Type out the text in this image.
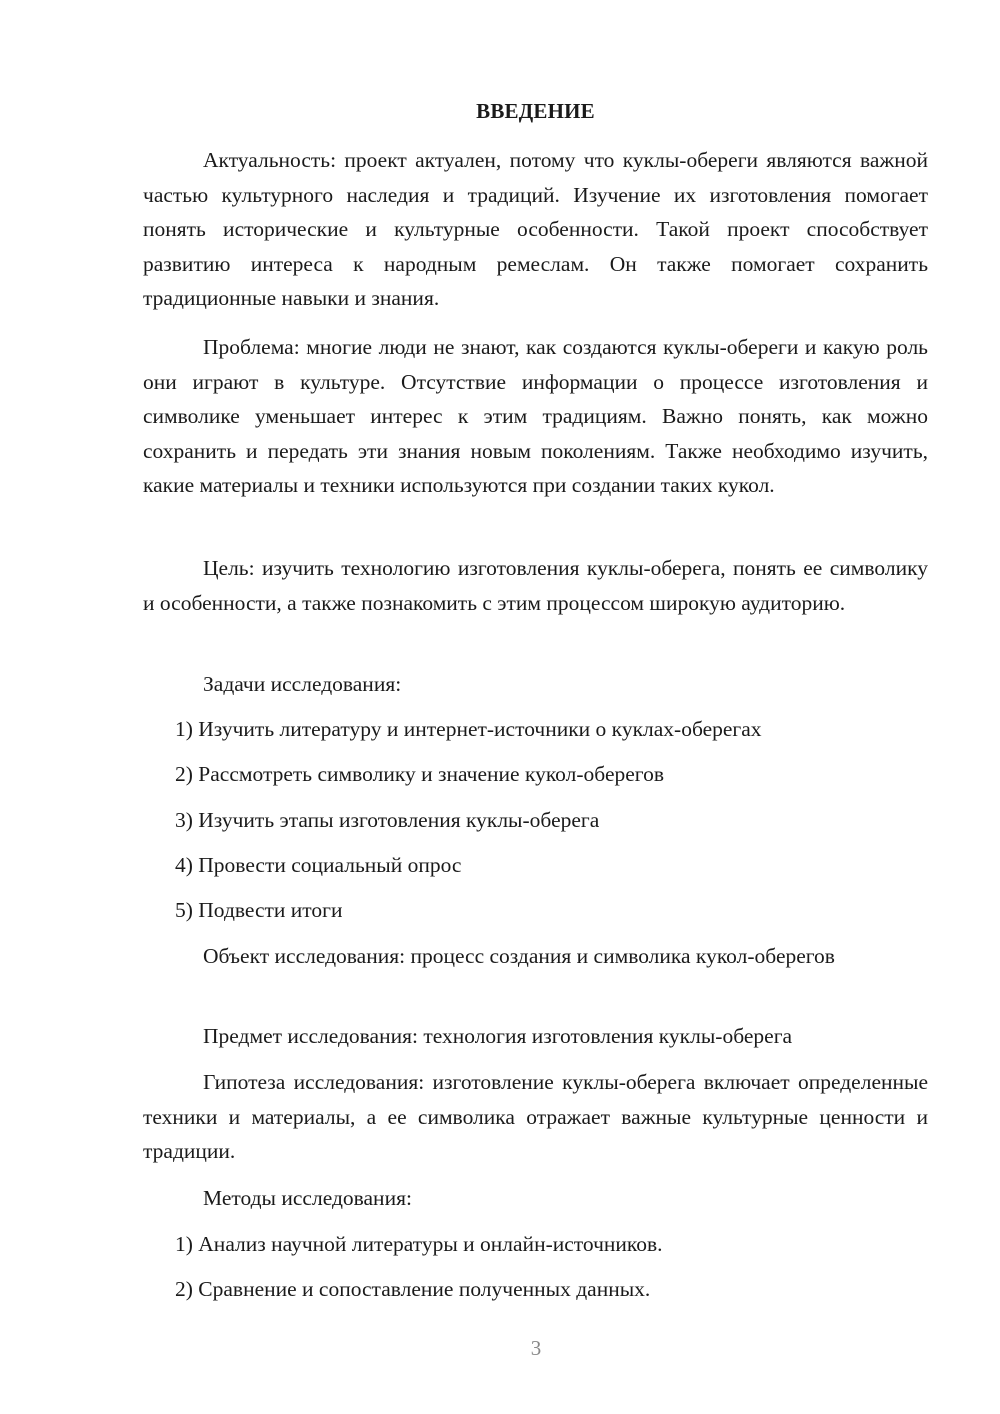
ВВЕДЕНИЕ

Актуальность: проект актуален, потому что куклы-обереги являются важной частью культурного наследия и традиций. Изучение их изготовления помогает понять исторические и культурные особенности. Такой проект способствует развитию интереса к народным ремеслам. Он также помогает сохранить традиционные навыки и знания.

Проблема: многие люди не знают, как создаются куклы-обереги и какую роль они играют в культуре. Отсутствие информации о процессе изготовления и символике уменьшает интерес к этим традициям. Важно понять, как можно сохранить и передать эти знания новым поколениям. Также необходимо изучить, какие материалы и техники используются при создании таких кукол.

Цель: изучить технологию изготовления куклы-оберега, понять ее символику и особенности, а также познакомить с этим процессом широкую аудиторию.

Задачи исследования:

1) Изучить литературу и интернет-источники о куклах-оберегах

2) Рассмотреть символику и значение кукол-оберегов

3) Изучить этапы изготовления куклы-оберега

4) Провести социальный опрос

5) Подвести итоги

Объект исследования: процесс создания и символика кукол-оберегов

Предмет исследования: технология изготовления куклы-оберега

Гипотеза исследования: изготовление куклы-оберега включает определенные техники и материалы, а ее символика отражает важные культурные ценности и традиции.

Методы исследования:

1) Анализ научной литературы и онлайн-источников.

2) Сравнение и сопоставление полученных данных.

3
